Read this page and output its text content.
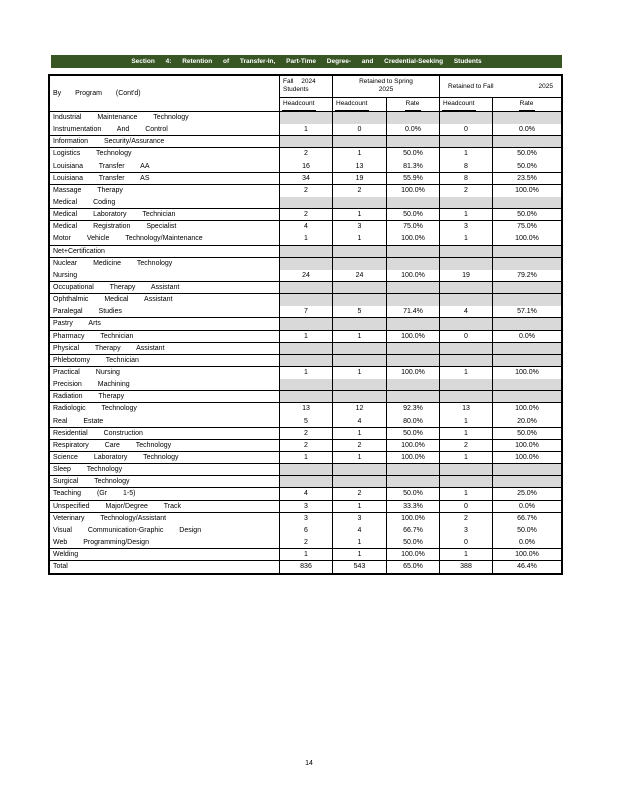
Section 4: Retention of Transfer-In, Part-Time Degree- and Credential-Seeking Students
By Program (Cont'd)
Fall 2024
Students
Retained to Spring
2025	Retained to Fall	2025
Headcount	Headcount	Rate	Headcount	Rate
Industrial Maintenance Technology
Instrumentation And Control	1	0	0.0%	0	0.0%
Information Security/Assurance
Logistics Technology	2	1	50.0%	1	50.0%
Louisiana Transfer AA	16	13	81.3%	8	50.0%
Louisiana Transfer AS	34	19	55.9%	8	23.5%
Massage Therapy	2	2	100.0%	2	100.0%
Medical Coding
Medical Laboratory Technician	2	1	50.0%	1	50.0%
Medical Registration Specialist	4	3	75.0%	3	75.0%
Motor Vehicle Technology/Maintenance	1	1	100.0%	1	100.0%
Net+Certification
Nuclear Medicine Technology
Nursing	24	24	100.0%	19	79.2%
Occupational Therapy Assistant
Ophthalmic Medical Assistant
Paralegal Studies	7	5	71.4%	4	57.1%
Pastry Arts
Pharmacy Technician	1	1	100.0%	0	0.0%
Physical Therapy Assistant
Phlebotomy Technician
Practical Nursing	1	1	100.0%	1	100.0%
Precision Machining
Radiation Therapy
Radiologic Technology	13	12	92.3%	13	100.0%
Real Estate	5	4	80.0%	1	20.0%
Residential Construction	2	1	50.0%	1	50.0%
Respiratory Care Technology	2	2	100.0%	2	100.0%
Science Laboratory Technology	1	1	100.0%	1	100.0%
Sleep Technology
Surgical Technology
Teaching (Gr 1-5)	4	2	50.0%	1	25.0%
Unspecified Major/Degree Track	3	1	33.3%	0	0.0%
Veterinary Technology/Assistant	3	3	100.0%	2	66.7%
Visual Communication-Graphic Design	6	4	66.7%	3	50.0%
Web Programming/Design	2	1	50.0%	0	0.0%
Welding	1	1	100.0%	1	100.0%
Total	836	543	65.0%	388	46.4%
14
